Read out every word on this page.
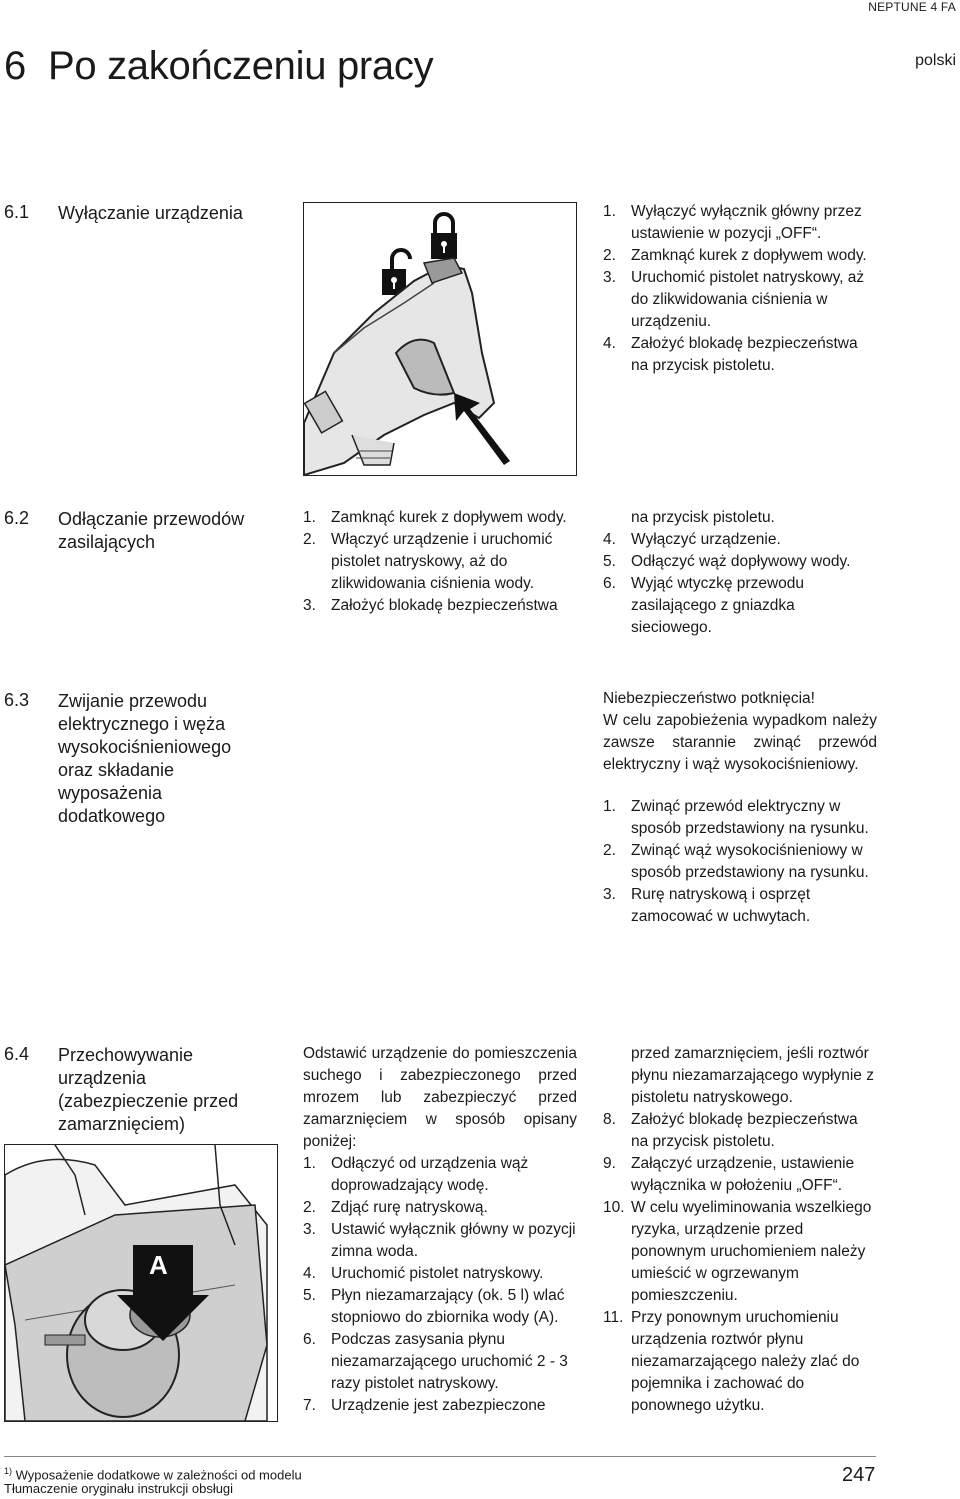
NEPTUNE 4 FA
6 Po zakończeniu pracy	polski
6.1 Wyłączanie urządzenia	1. Wyłączyć wyłącznik główny przez ustawienie w pozycji „OFF“.
2. Zamknąć kurek z dopływem wody.
3. Uruchomić pistolet natryskowy, aż do zlikwidowania ciśnienia w urządzeniu.
4. Założyć blokadę bezpieczeństwa na przycisk pistoletu.
6.2 Odłączanie przewodów
zasilających
1. Zamknąć kurek z dopływem wody.
2. Włączyć urządzenie i uruchomić pistolet natryskowy, aż do zlikwidowania ciśnienia wody.
3. Założyć blokadę bezpieczeństwa
na przycisk pistoletu.
4. Wyłączyć urządzenie.
5. Odłączyć wąż dopływowy wody.
6. Wyjąć wtyczkę przewodu zasilającego z gniazdka sieciowego.
6.3 Zwijanie przewodu
elektrycznego i węża
wysokociśnieniowego
oraz składanie
wyposażenia
dodatkowego
Niebezpieczeństwo potknięcia!
W celu zapobieżenia wypadkom należy zawsze starannie zwinąć przewód elektryczny i wąż wysokociśnieniowy.
1. Zwinąć przewód elektryczny w sposób przedstawiony na rysunku.
2. Zwinąć wąż wysokociśnieniowy w sposób przedstawiony na rysunku.
3. Rurę natryskową i osprzęt zamocować w uchwytach.
6.4 Przechowywanie
urządzenia
(zabezpieczenie przed
zamarznięciem)
A
Odstawić urządzenie do pomieszczenia suchego i zabezpieczonego przed mrozem lub zabezpieczyć przed zamarznięciem w sposób opisany poniżej:
1. Odłączyć od urządzenia wąż doprowadzający wodę.
2. Zdjąć rurę natryskową.
3. Ustawić wyłącznik główny w pozycji zimna woda.
4. Uruchomić pistolet natryskowy.
5. Płyn niezamarzający (ok. 5 l) wlać stopniowo do zbiornika wody (A).
6. Podczas zasysania płynu niezamarzającego uruchomić 2 - 3 razy pistolet natryskowy.
7. Urządzenie jest zabezpieczone
przed zamarznięciem, jeśli roztwór płynu niezamarzającego wypłynie z pistoletu natryskowego.
8. Założyć blokadę bezpieczeństwa na przycisk pistoletu.
9. Załączyć urządzenie, ustawienie wyłącznika w położeniu „OFF“.
10. W celu wyeliminowania wszelkiego ryzyka, urządzenie przed ponownym uruchomieniem należy umieścić w ogrzewanym pomieszczeniu.
11. Przy ponownym uruchomieniu urządzenia roztwór płynu niezamarzającego należy zlać do pojemnika i zachować do ponownego użytku.
$^{1)}$ Wyposażenie dodatkowe w zależności od modelu
Tłumaczenie oryginału instrukcji obsługi
247
